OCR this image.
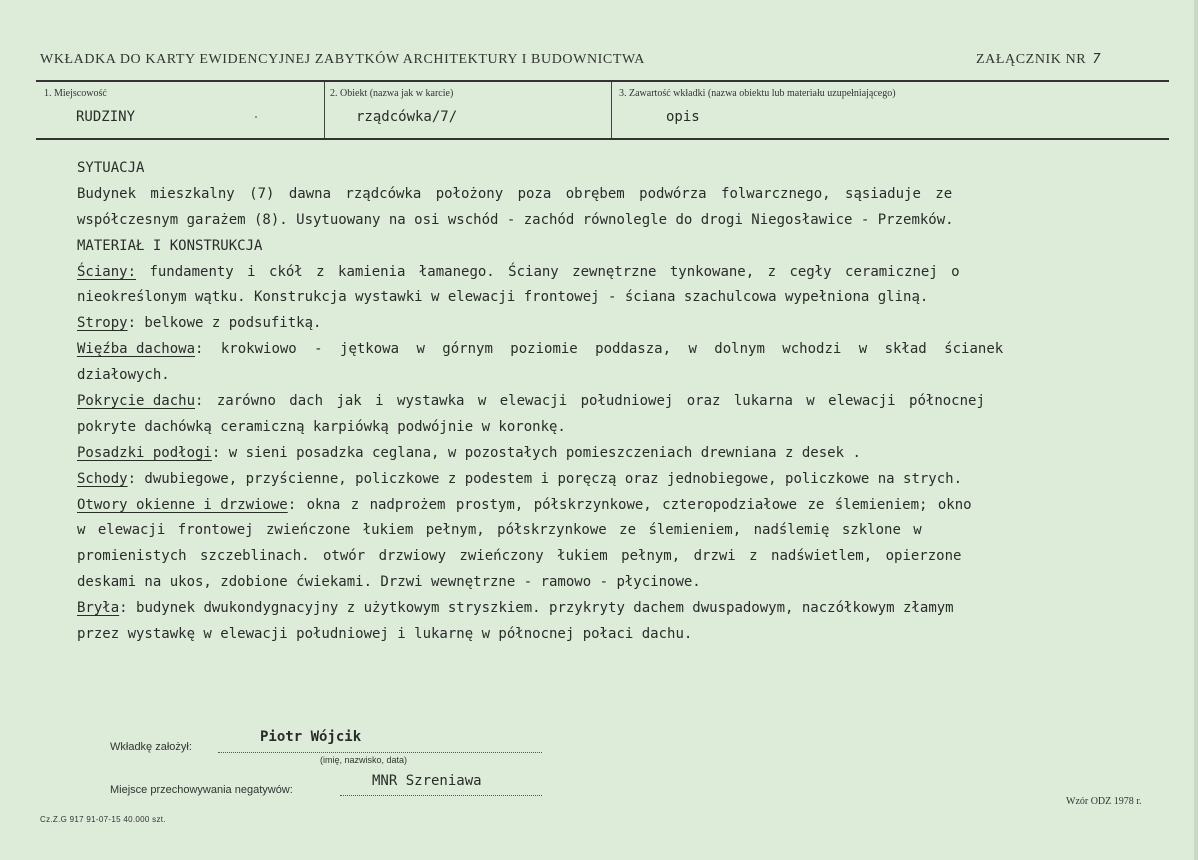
WKŁADKA DO KARTY EWIDENCYJNEJ ZABYTKÓW ARCHITEKTURY I BUDOWNICTWA	ZAŁĄCZNIK NR 7
1. Miejscowość
RUDZINY
2. Obiekt (nazwa jak w karcie)
rządcówka/7/
3. Zawartość wkładki (nazwa obiektu lub materiału uzupełniającego)
opis
SYTUACJA
Budynek mieszkalny (7) dawna rządcówka położony poza obrębem podwórza folwarcznego, sąsiaduje ze
współczesnym garażem (8). Usytuowany na osi wschód - zachód równolegle do drogi Niegosławice - Przemków.
MATERIAŁ I KONSTRUKCJA
Ściany: fundamenty i ckół z kamienia łamanego. Ściany zewnętrzne tynkowane, z cegły ceramicznej o
nieokreślonym wątku. Konstrukcja wystawki w elewacji frontowej - ściana szachulcowa wypełniona gliną.
Stropy: belkowe z podsufitką.
Więźba dachowa: krokwiowo - jętkowa w górnym poziomie poddasza, w dolnym wchodzi w skład ścianek
działowych.
Pokrycie dachu: zarówno dach jak i wystawka w elewacji południowej oraz lukarna w elewacji północnej
pokryte dachówką ceramiczną karpiówką podwójnie w koronkę.
Posadzki podłogi: w sieni posadzka ceglana, w pozostałych pomieszczeniach drewniana z desek .
Schody: dwubiegowe, przyścienne, policzkowe z podestem i poręczą oraz jednobiegowe, policzkowe na strych.
Otwory okienne i drzwiowe: okna z nadprożem prostym, półskrzynkowe, czteropodziałowe ze ślemieniem; okno
w elewacji frontowej zwieńczone łukiem pełnym, półskrzynkowe ze ślemieniem, nadślemię szklone w
promienistych szczeblinach. otwór drzwiowy zwieńczony łukiem pełnym, drzwi z nadświetlem, opierzone
deskami na ukos, zdobione ćwiekami. Drzwi wewnętrzne - ramowo - płycinowe.
Bryła: budynek dwukondygnacyjny z użytkowym stryszkiem. przykryty dachem dwuspadowym, naczółkowym złamym
przez wystawkę w elewacji południowej i lukarnę w północnej połaci dachu.
Wkładkę założył:
Piotr Wójcik
(imię, nazwisko, data)
Miejsce przechowywania negatywów:
MNR Szreniawa
Cz.Z.G 917 91-07-15 40.000 szt.
Wzór ODZ 1978 r.
